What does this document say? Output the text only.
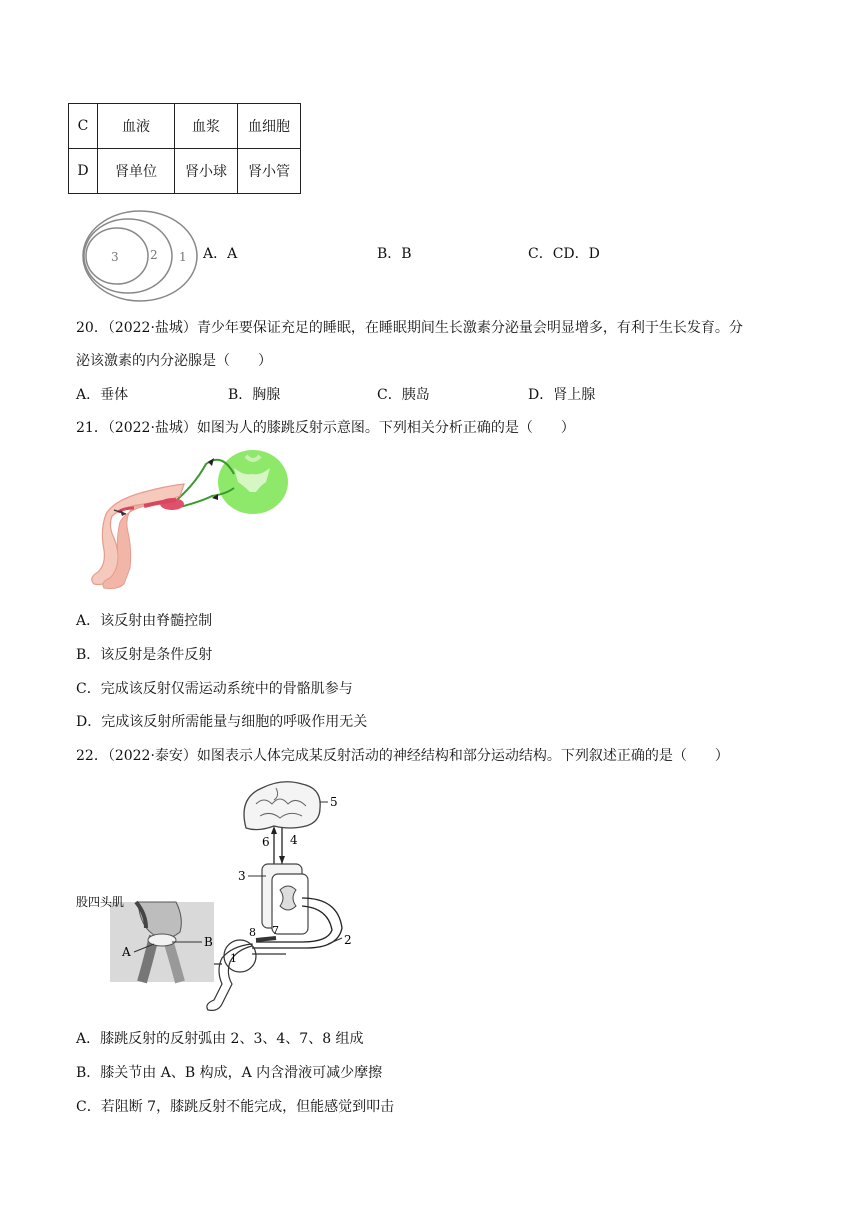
C	血液	血浆	血细胞
D	肾单位	肾小球	肾小管
3	2 1 A．A	B．B	C．CD．D
20．（2022·盐城）青少年要保证充足的睡眠，在睡眠期间生长激素分泌量会明显增多，有利于生长发育。分
泌该激素的内分泌腺是（　　）
A．垂体	B．胸腺	C．胰岛	D．肾上腺
21．（2022·盐城）如图为人的膝跳反射示意图。下列相关分析正确的是（　　）
A．该反射由脊髓控制
B．该反射是条件反射
C．完成该反射仅需运动系统中的骨骼肌参与
D．完成该反射所需能量与细胞的呼吸作用无关
22．（2022·泰安）如图表示人体完成某反射活动的神经结构和部分运动结构。下列叙述正确的是（　　）
5
6 4
3
8 7
2
1
A
B
股四头肌
A．膝跳反射的反射弧由 2、3、4、7、8 组成
B．膝关节由 A、B 构成，A 内含滑液可减少摩擦
C．若阻断 7，膝跳反射不能完成，但能感觉到叩击
